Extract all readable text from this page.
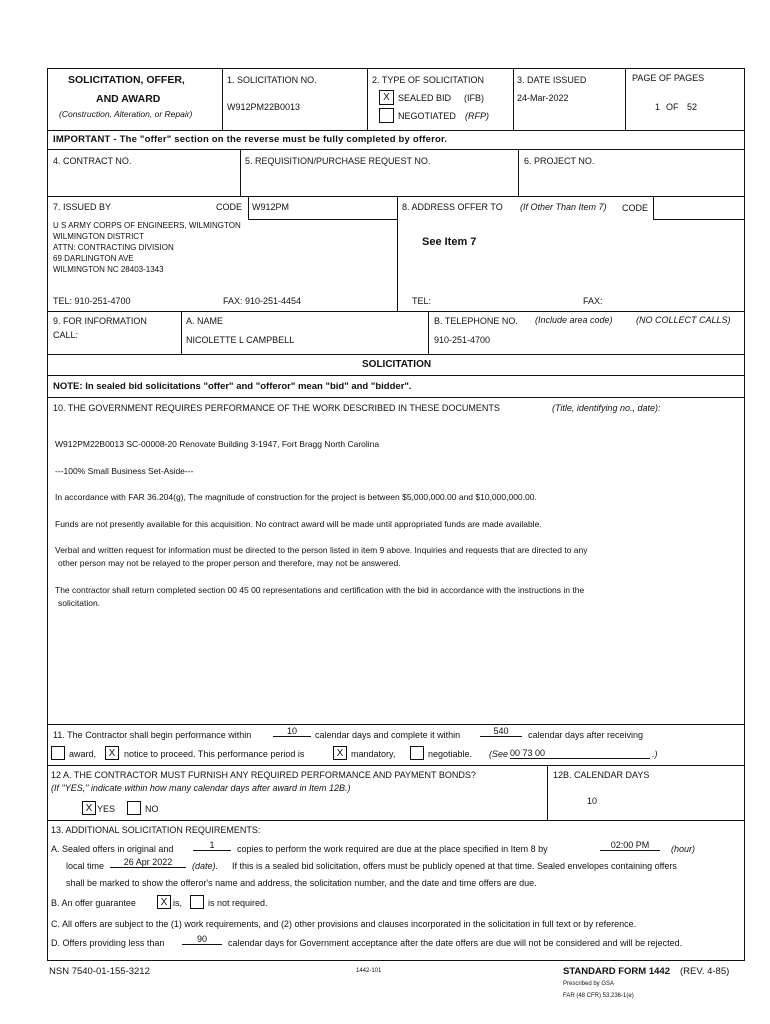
SOLICITATION, OFFER,
AND AWARD
(Construction, Alteration, or Repair)
1. SOLICITATION NO.
W912PM22B0013
2. TYPE OF SOLICITATION
X SEALED BID (IFB)
NEGOTIATED (RFP)
3. DATE ISSUED
24-Mar-2022
PAGE OF PAGES
1 OF 52
IMPORTANT - The "offer" section on the reverse must be fully completed by offeror.
4. CONTRACT NO.	5. REQUISITION/PURCHASE REQUEST NO.	6. PROJECT NO.
7. ISSUED BY	CODE W912PM
U S ARMY CORPS OF ENGINEERS, WILMINGTON
WILMINGTON DISTRICT
ATTN: CONTRACTING DIVISION
69 DARLINGTON AVE
WILMINGTON NC 28403-1343
TEL: 910-251-4700	FAX: 910-251-4454
8. ADDRESS OFFER TO (If Other Than Item 7) CODE
See Item 7
TEL:	FAX:
9. FOR INFORMATION
CALL:
A. NAME
NICOLETTE L CAMPBELL
B. TELEPHONE NO. (Include area code)	(NO COLLECT CALLS)
910-251-4700
SOLICITATION
NOTE: In sealed bid solicitations "offer" and "offeror" mean "bid" and "bidder".
10. THE GOVERNMENT REQUIRES PERFORMANCE OF THE WORK DESCRIBED IN THESE DOCUMENTS	(Title, identifying no., date):
W912PM22B0013 SC-00008-20 Renovate Building 3-1947, Fort Bragg North Carolina
---100% Small Business Set-Aside---
In accordance with FAR 36.204(g), The magnitude of construction for the project is between $5,000,000.00 and $10,000,000.00.
Funds are not presently available for this acquisition. No contract award will be made until appropriated funds are made available.
Verbal and written request for information must be directed to the person listed in item 9 above. Inquiries and requests that are directed to any
other person may not be relayed to the proper person and therefore, may not be answered.
The contractor shall return completed section 00 45 00 representations and certification with the bid in accordance with the instructions in the
solicitation.
11. The Contractor shall begin performance within	10	calendar days and complete it within	540	calendar days after receiving
award,	X notice to proceed. This performance period is	X mandatory,	negotiable. (See 00 73 00	.)
12 A. THE CONTRACTOR MUST FURNISH ANY REQUIRED PERFORMANCE AND PAYMENT BONDS?
(If "YES," indicate within how many calendar days after award in Item 12B.)
X YES	NO
12B. CALENDAR DAYS
10
13. ADDITIONAL SOLICITATION REQUIREMENTS:
A. Sealed offers in original and	1	copies to perform the work required are due at the place specified in Item 8 by	02:00 PM	(hour)
local time	26 Apr 2022	(date). If this is a sealed bid solicitation, offers must be publicly opened at that time. Sealed envelopes containing offers
shall be marked to show the offeror's name and address, the solicitation number, and the date and time offers are due.
B. An offer guarantee	X is,	is not required.
C. All offers are subject to the (1) work requirements, and (2) other provisions and clauses incorporated in the solicitation in full text or by reference.
D. Offers providing less than	90	calendar days for Government acceptance after the date offers are due will not be considered and will be rejected.
NSN 7540-01-155-3212	1442-101	STANDARD FORM 1442 (REV. 4-85)
Prescribed by GSA
FAR (48 CFR) 53.236-1(e)
